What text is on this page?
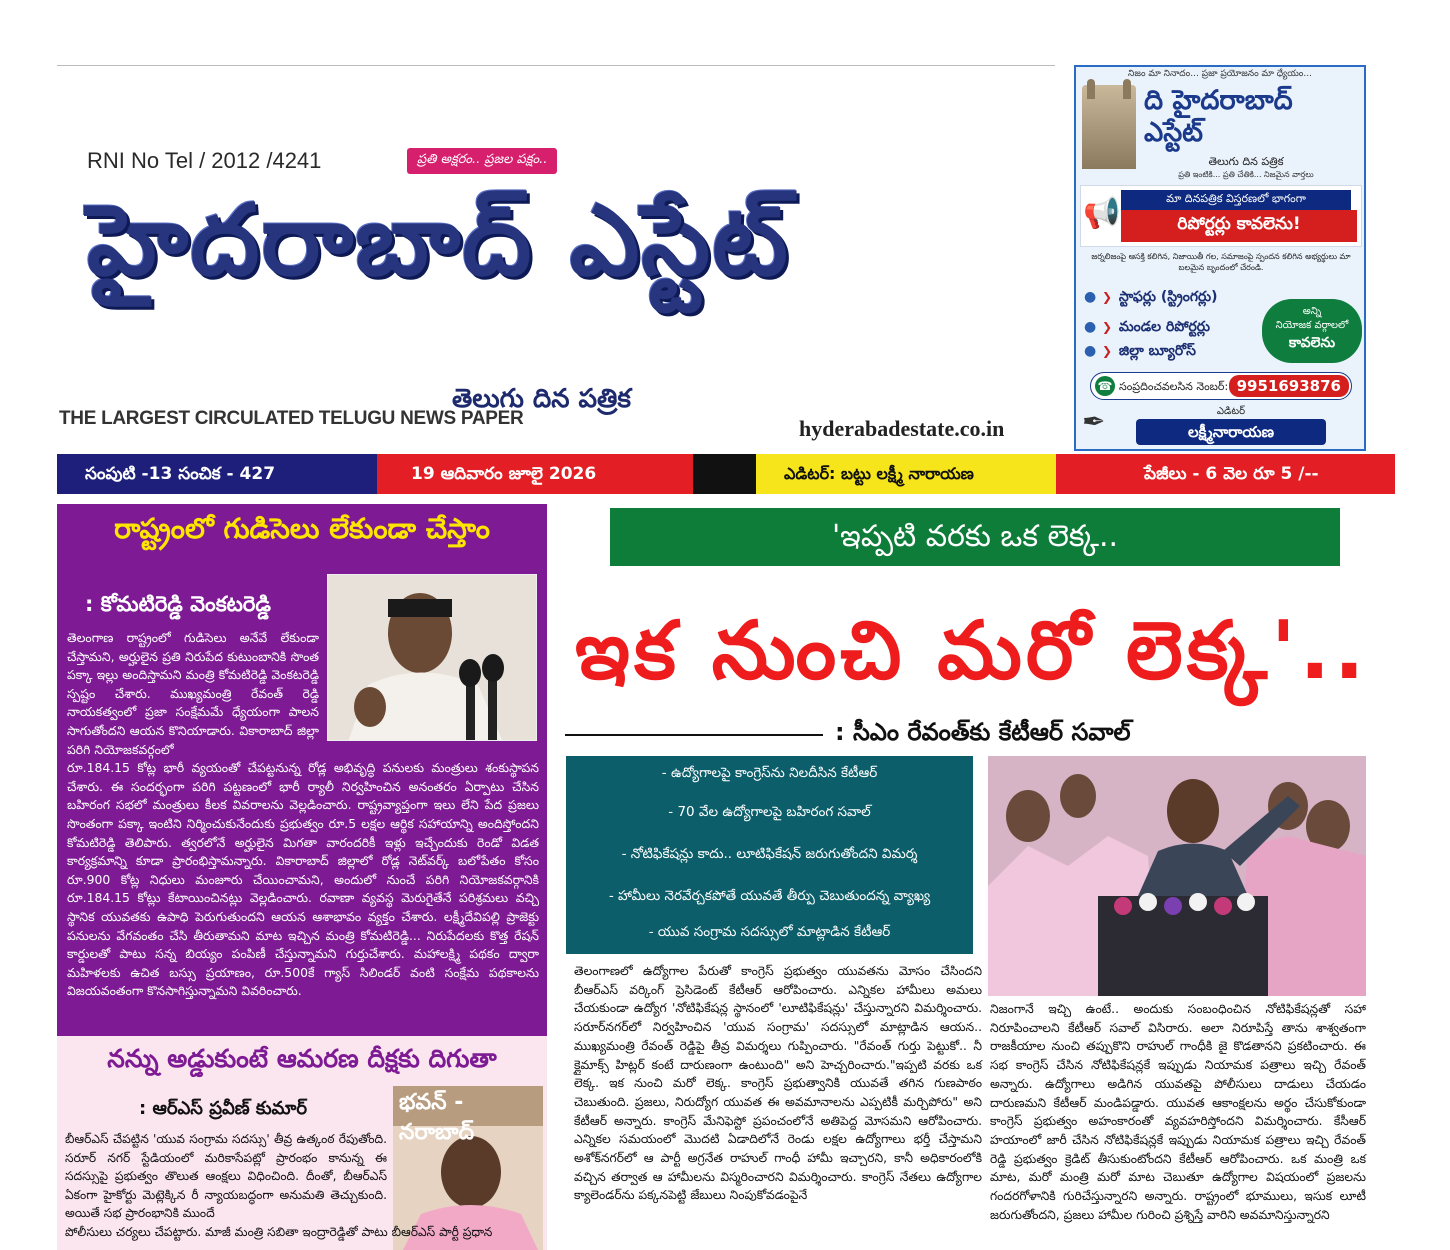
RNI No Tel / 2012 /4241	ప్రతి అక్షరం.. ప్రజల పక్షం..
హైదరాబాద్ ఎస్టేట్
తెలుగు దిన పత్రిక
THE LARGEST CIRCULATED TELUGU NEWS PAPER	hyderabadestate.co.in
నిజం మా నినాదం... ప్రజా ప్రయోజనం మా ధ్యేయం...
ది హైదరాబాద్
ఎస్టేట్
తెలుగు దిన పత్రిక
ప్రతి ఇంటికి... ప్రతి చేతికి... నిజమైన వార్తలు
📢	మా దినపత్రిక విస్తరణలో భాగంగా
రిపోర్టర్లు కావలెను!
జర్నలిజంపై ఆసక్తి కలిగిన, నిజాయితీ గల, సమాజంపై స్పందన కలిగిన అభ్యర్థులు మా బలమైన బృందంలో చేరండి.
● ❯ స్టాఫర్లు (స్ట్రింగర్లు)
● ❯ మండల రిపోర్టర్లు
● ❯ జిల్లా బ్యూరోస్
అన్ని
నియోజక వర్గాలలో
కావలెను
☎ సంప్రదించవలసిన నెంబర్: 9951693876
✒	ఎడిటర్
లక్ష్మీనారాయణ
సంపుటి -13 సంచిక - 427	19 ఆదివారం జూలై 2026	ఎడిటర్: బట్టు లక్ష్మీ నారాయణ	పేజీలు - 6 వెల రూ 5 /--
రాష్ట్రంలో గుడిసెలు లేకుండా చేస్తాం
: కోమటిరెడ్డి వెంకటరెడ్డి
తెలంగాణ రాష్ట్రంలో గుడిసెలు అనేవే లేకుండా చేస్తామని, అర్హులైన ప్రతి నిరుపేద కుటుంబానికి సొంత పక్కా ఇల్లు అందిస్తామని మంత్రి కోమటిరెడ్డి వెంకటరెడ్డి స్పష్టం చేశారు. ముఖ్యమంత్రి రేవంత్ రెడ్డి నాయకత్వంలో ప్రజా సంక్షేమమే ధ్యేయంగా పాలన సాగుతోందని ఆయన కొనియాడారు. వికారాబాద్ జిల్లా పరిగి నియోజకవర్గంలో
రూ.184.15 కోట్ల భారీ వ్యయంతో చేపట్టనున్న రోడ్ల అభివృద్ధి పనులకు మంత్రులు శంకుస్థాపన చేశారు. ఈ సందర్భంగా పరిగి పట్టణంలో భారీ ర్యాలీ నిర్వహించిన అనంతరం ఏర్పాటు చేసిన బహిరంగ సభలో మంత్రులు కీలక వివరాలను వెల్లడించారు. రాష్ట్రవ్యాప్తంగా ఇలు లేని పేద ప్రజలు సొంతంగా పక్కా ఇంటిని నిర్మించుకునేందుకు ప్రభుత్వం రూ.5 లక్షల ఆర్థిక సహాయాన్ని అందిస్తోందని కోమటిరెడ్డి తెలిపారు. త్వరలోనే అర్హులైన మిగతా వారందరికీ ఇళ్లు ఇచ్చేందుకు రెండో విడత కార్యక్రమాన్ని కూడా ప్రారంభిస్తామన్నారు. వికారాబాద్ జిల్లాలో రోడ్ల నెట్‌వర్క్ బలోపేతం కోసం రూ.900 కోట్ల నిధులు మంజూరు చేయించామని, అందులో నుంచే పరిగి నియోజకవర్గానికి రూ.184.15 కోట్లు కేటాయించినట్లు వెల్లడించారు. రవాణా వ్యవస్థ మెరుగైతేనే పరిశ్రమలు వచ్చి స్థానిక యువతకు ఉపాధి పెరుగుతుందని ఆయన ఆశాభావం వ్యక్తం చేశారు. లక్ష్మీదేవిపల్లి ప్రాజెక్టు పనులను వేగవంతం చేసి తీరుతామని మాట ఇచ్చిన మంత్రి కోమటిరెడ్డి... నిరుపేదలకు కొత్త రేషన్ కార్డులతో పాటు సన్న బియ్యం పంపిణీ చేస్తున్నామని గుర్తుచేశారు. మహాలక్ష్మి పథకం ద్వారా మహిళలకు ఉచిత బస్సు ప్రయాణం, రూ.500కే గ్యాస్ సిలిండర్ వంటి సంక్షేమ పథకాలను విజయవంతంగా కొనసాగిస్తున్నామని వివరించారు.
నన్ను అడ్డుకుంటే ఆమరణ దీక్షకు దిగుతా
: ఆర్ఎస్ ప్రవీణ్ కుమార్	భవన్ - నరాబాద్
బీఆర్ఎస్ చేపట్టిన 'యువ సంగ్రామ సదస్సు' తీవ్ర ఉత్కంఠ రేపుతోంది. సరూర్ నగర్ స్టేడియంలో మరికాసేపట్లో ప్రారంభం కానున్న ఈ సదస్సుపై ప్రభుత్వం తొలుత ఆంక్షలు విధించింది. దీంతో, బీఆర్ఎస్ ఏకంగా హైకోర్టు మెట్లెక్కిన రీ న్యాయబద్ధంగా అనుమతి తెచ్చుకుంది. అయితే సభ ప్రారంభానికి ముందే
పోలీసులు చర్యలు చేపట్టారు. మాజీ మంత్రి సబితా ఇంద్రారెడ్డితో పాటు బీఆర్ఎస్ పార్టీ ప్రధాన
'ఇప్పటి వరకు ఒక లెక్క..
ఇక నుంచి మరో లెక్క'..
: సీఎం రేవంత్‌కు కేటీఆర్ సవాల్
- ఉద్యోగాలపై కాంగ్రెస్‌ను నిలదీసిన కేటీఆర్
- 70 వేల ఉద్యోగాలపై బహిరంగ సవాల్
- నోటిఫికేషన్లు కాదు.. లూటిఫికేషన్ జరుగుతోందని విమర్శ
- హామీలు నెరవేర్చకపోతే యువతే తీర్పు చెబుతుందన్న వ్యాఖ్య
- యువ సంగ్రామ సదస్సులో మాట్లాడిన కేటీఆర్
తెలంగాణలో ఉద్యోగాల పేరుతో కాంగ్రెస్ ప్రభుత్వం యువతను మోసం చేసిందని బీఆర్ఎస్ వర్కింగ్ ప్రెసిడెంట్ కేటీఆర్ ఆరోపించారు. ఎన్నికల హామీలు అమలు చేయకుండా ఉద్యోగ 'నోటిఫికేషన్ల స్థానంలో 'లూటిఫికేషన్లు' చేస్తున్నారని విమర్శించారు. సరూర్‌నగర్‌లో నిర్వహించిన 'యువ సంగ్రామ' సదస్సులో మాట్లాడిన ఆయన.. ముఖ్యమంత్రి రేవంత్ రెడ్డిపై తీవ్ర విమర్శలు గుప్పించారు. "రేవంత్ గుర్తు పెట్టుకో.. నీ క్లైమాక్స్ హిట్లర్ కంటే దారుణంగా ఉంటుంది" అని హెచ్చరించారు."ఇప్పటి వరకు ఒక లెక్క. ఇక నుంచి మరో లెక్క. కాంగ్రెస్ ప్రభుత్వానికి యువతే తగిన గుణపాఠం చెబుతుంది. ప్రజలు, నిరుద్యోగ యువత ఈ అవమానాలను ఎప్పటికీ మర్చిపోరు" అని కేటీఆర్ అన్నారు. కాంగ్రెస్ మేనిఫెస్టో ప్రపంచంలోనే అతిపెద్ద మోసమని ఆరోపించారు. ఎన్నికల సమయంలో మొదటి ఏడాదిలోనే రెండు లక్షల ఉద్యోగాలు భర్తీ చేస్తామని అశోక్‌నగర్‌లో ఆ పార్టీ అగ్రనేత రాహుల్ గాంధీ హామీ ఇచ్చారని, కానీ అధికారంలోకి వచ్చిన తర్వాత ఆ హామీలను విస్మరించారని విమర్శించారు. కాంగ్రెస్ నేతలు ఉద్యోగాల క్యాలెండర్‌ను పక్కనపెట్టి జేబులు నింపుకోవడంపైనే
నిజంగానే ఇచ్చి ఉంటే.. అందుకు సంబంధించిన నోటిఫికేషన్లతో సహా నిరూపించాలని కేటీఆర్ సవాల్ విసిరారు. అలా నిరూపిస్తే తాను శాశ్వతంగా రాజకీయాల నుంచి తప్పుకొని రాహుల్ గాంధీకి జై కొడతానని ప్రకటించారు. ఈ సభ కాంగ్రెస్ చేసిన నోటిఫికేషన్లకే ఇప్పుడు నియామక పత్రాలు ఇచ్చి రేవంత్ అన్నారు. ఉద్యోగాలు అడిగిన యువతపై పోలీసులు దాడులు చేయడం దారుణమని కేటీఆర్ మండిపడ్డారు. యువత ఆకాంక్షలను అర్థం చేసుకోకుండా కాంగ్రెస్ ప్రభుత్వం అహంకారంతో వ్యవహరిస్తోందని విమర్శించారు. కేసీఆర్ హయాంలో జారీ చేసిన నోటిఫికేషన్లకే ఇప్పుడు నియామక పత్రాలు ఇచ్చి రేవంత్ రెడ్డి ప్రభుత్వం క్రెడిట్ తీసుకుంటోందని కేటీఆర్ ఆరోపించారు. ఒక మంత్రి ఒక మాట, మరో మంత్రి మరో మాట చెబుతూ ఉద్యోగాల విషయంలో ప్రజలను గందరగోళానికి గురిచేస్తున్నారని అన్నారు. రాష్ట్రంలో భూములు, ఇసుక లూటీ జరుగుతోందని, ప్రజలు హామీల గురించి ప్రశ్నిస్తే వారిని అవమానిస్తున్నారని
